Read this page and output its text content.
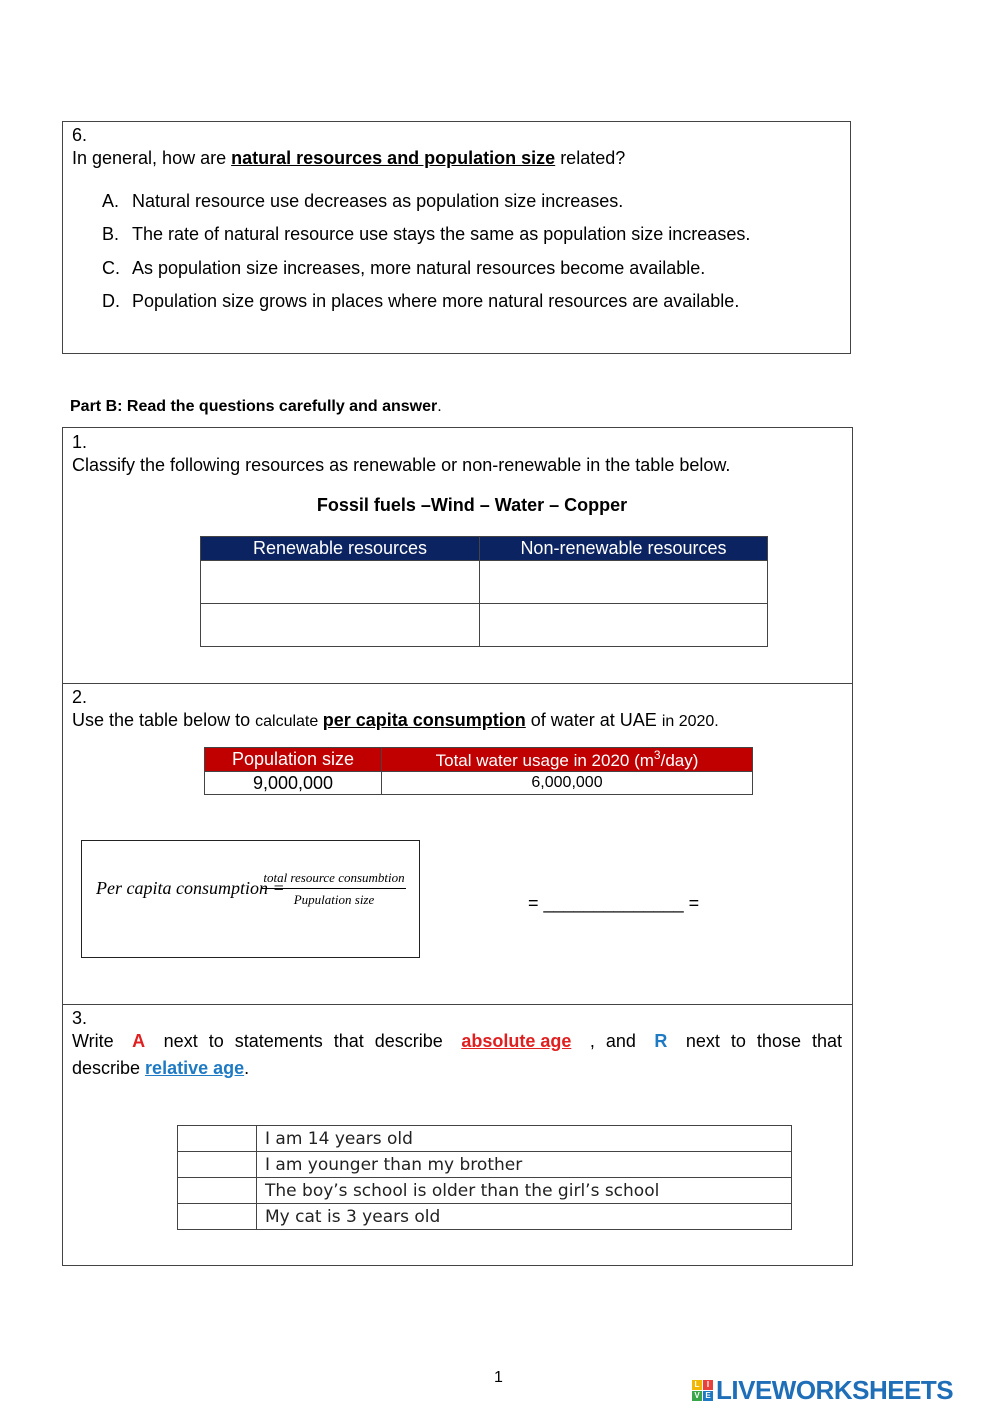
6.
In general, how are natural resources and population size related?
A. Natural resource use decreases as population size increases.
B. The rate of natural resource use stays the same as population size increases.
C. As population size increases, more natural resources become available.
D. Population size grows in places where more natural resources are available.
Part B: Read the questions carefully and answer.
1.
Classify the following resources as renewable or non-renewable in the table below.
Fossil fuels –Wind – Water – Copper
Renewable resources	Non-renewable resources

2.
Use the table below to calculate per capita consumption of water at UAE in 2020.
Population size	Total water usage in 2020 $(m^3/day)$
9,000,000	6,000,000
Per capita consumption =
total resource consumbtion
Pupulation size	= ______________ =
3.
Write A next to statements that describe absolute age , and R next to those that
describe relative age.
	I am 14 years old
	I am younger than my brother
	The boy’s school is older than the girl’s school
	My cat is 3 years old
1	L I
V E LIVEWORKSHEETS
